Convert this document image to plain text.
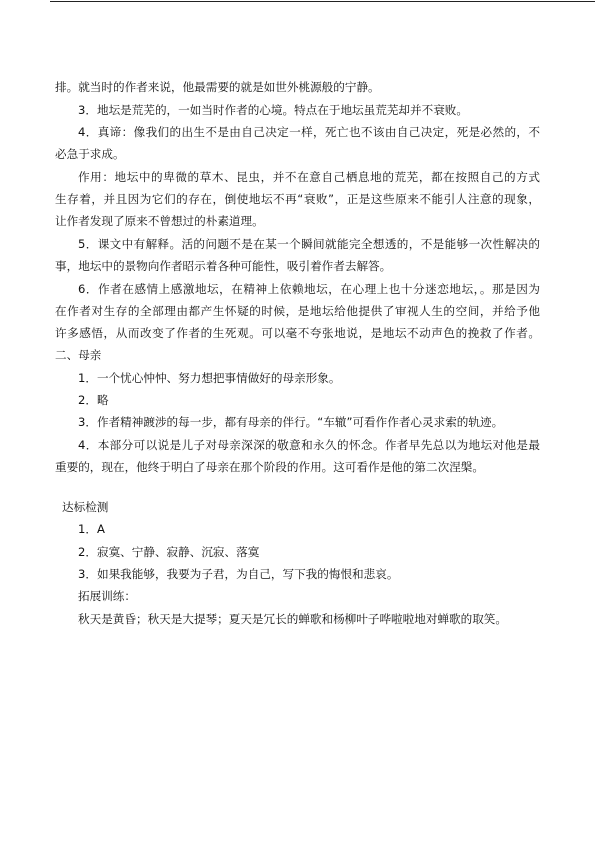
排。就当时的作者来说，他最需要的就是如世外桃源般的宁静。
3．地坛是荒芜的，一如当时作者的心境。特点在于地坛虽荒芜却并不衰败。
4．真谛：像我们的出生不是由自己决定一样，死亡也不该由自己决定，死是必然的，不
必急于求成。
作用：地坛中的卑微的草木、昆虫，并不在意自己栖息地的荒芜，都在按照自己的方式
生存着，并且因为它们的存在，倒使地坛不再“衰败”，正是这些原来不能引人注意的现象，
让作者发现了原来不曾想过的朴素道理。
5．课文中有解释。活的问题不是在某一个瞬间就能完全想透的，不是能够一次性解决的
事，地坛中的景物向作者昭示着各种可能性，吸引着作者去解答。
6．作者在感情上感激地坛，在精神上依赖地坛，在心理上也十分迷恋地坛，。那是因为
在作者对生存的全部理由都产生怀疑的时候，是地坛给他提供了审视人生的空间，并给予他
许多感悟，从而改变了作者的生死观。可以毫不夸张地说，是地坛不动声色的挽救了作者。
二、母亲
1．一个忧心忡忡、努力想把事情做好的母亲形象。
2．略
3．作者精神踱涉的每一步，都有母亲的伴行。“车辙”可看作作者心灵求索的轨迹。
4．本部分可以说是儿子对母亲深深的敬意和永久的怀念。作者早先总以为地坛对他是最
重要的，现在，他终于明白了母亲在那个阶段的作用。这可看作是他的第二次涅槃。
达标检测
1．A
2．寂寞、宁静、寂静、沉寂、落寞
3．如果我能够，我要为子君，为自己，写下我的悔恨和悲哀。
拓展训练：
秋天是黄昏；秋天是大提琴；夏天是冗长的蝉歌和杨柳叶子哗啦啦地对蝉歌的取笑。
